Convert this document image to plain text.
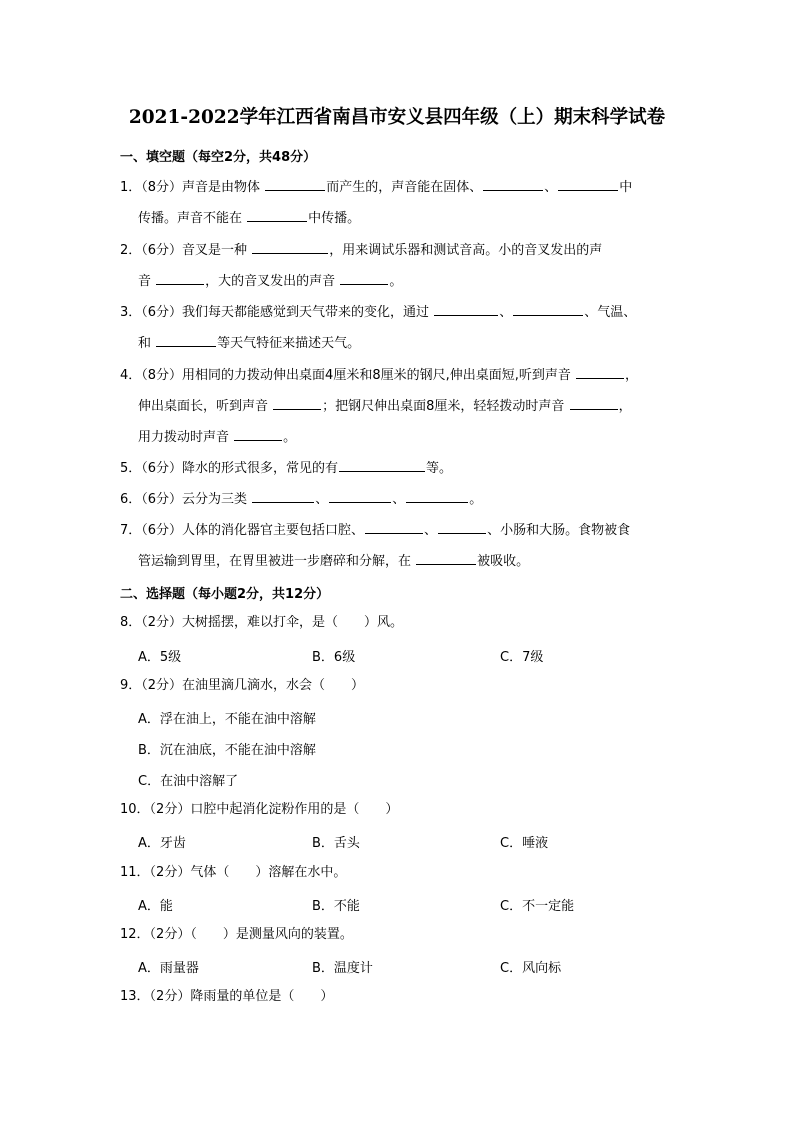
2021-2022学年江西省南昌市安义县四年级（上）期末科学试卷
一、填空题（每空2分，共48分）
1．（8分）声音是由物体	而产生的，声音能在固体、	、	中
传播。声音不能在	中传播。
2．（6分）音叉是一种	，用来调试乐器和测试音高。小的音叉发出的声
音	，大的音叉发出的声音	。
3．（6分）我们每天都能感觉到天气带来的变化，通过	、	、气温、
和	等天气特征来描述天气。
4．（8分）用相同的力拨动伸出桌面4厘米和8厘米的钢尺,伸出桌面短,听到声音	，
伸出桌面长，听到声音	；把钢尺伸出桌面8厘米，轻轻拨动时声音	，
用力拨动时声音	。
5．（6分）降水的形式很多，常见的有	等。
6．（6分）云分为三类	、	、	。
7．（6分）人体的消化器官主要包括口腔、	、	、小肠和大肠。食物被食
管运输到胃里，在胃里被进一步磨碎和分解，在	被吸收。
二、选择题（每小题2分，共12分）
8．（2分）大树摇摆，难以打伞，是（　　）风。
A．5级	B．6级	C．7级
9．（2分）在油里滴几滴水，水会（　　）
A．浮在油上，不能在油中溶解
B．沉在油底，不能在油中溶解
C．在油中溶解了
10．（2分）口腔中起消化淀粉作用的是（　　）
A．牙齿	B．舌头	C．唾液
11．（2分）气体（　　）溶解在水中。
A．能	B．不能	C．不一定能
12．（2分）（　　）是测量风向的装置。
A．雨量器	B．温度计	C．风向标
13．（2分）降雨量的单位是（　　）
